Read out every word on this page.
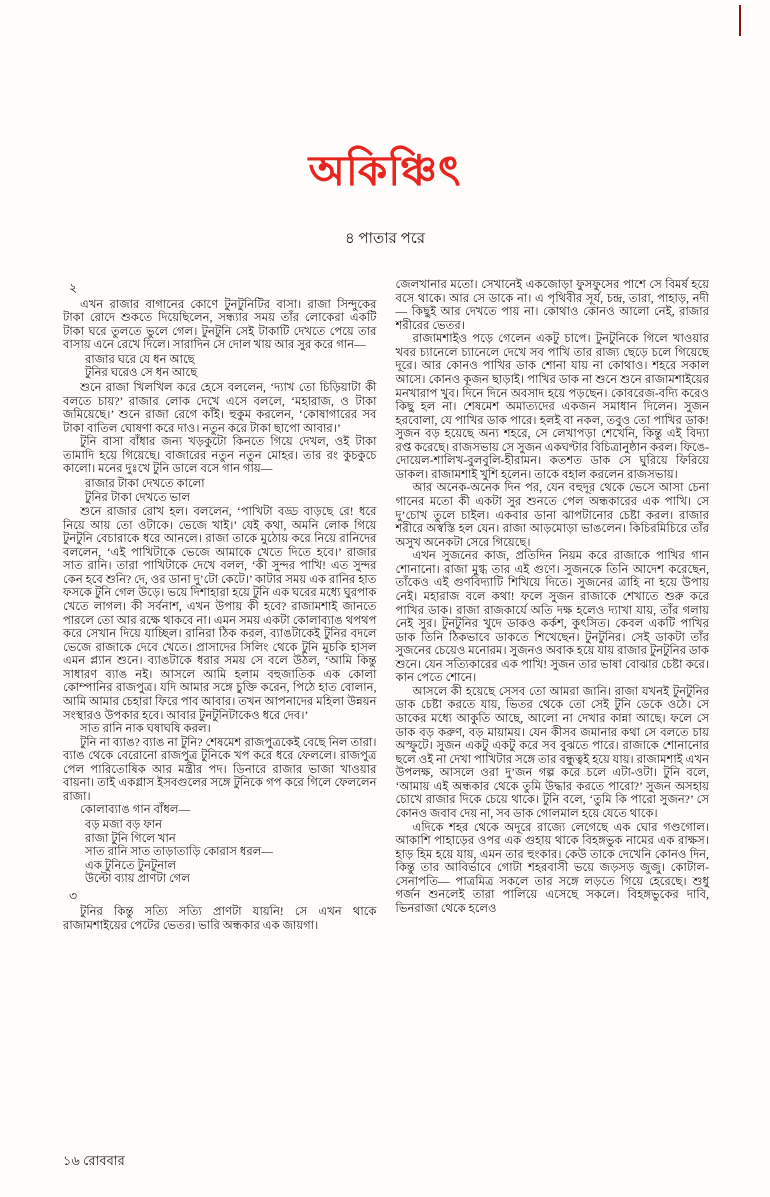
অকিঞ্চিৎ
৪ পাতার পরে
২

এখন রাজার বাগানের কোণে টুনটুনিটির বাসা। রাজা সিন্দুকের টাকা রোদে শুকতে দিয়েছিলেন, সন্ধ্যার সময় তাঁর লোকেরা একটি টাকা ঘরে তুলতে ভুলে গেল। টুনটুনি সেই টাকাটি দেখতে পেয়ে তার বাসায় এনে রেখে দিলে। সারাদিন সে দোল খায় আর সুর করে গান—

রাজার ঘরে যে ধন আছে
টুনির ঘরেও সে ধন আছে

শুনে রাজা খিলখিল করে হেসে বললেন, ‘দ্যাখ তো চিড়িয়াটা কী বলতে চায়?’ রাজার লোক দেখে এসে বললে, ‘মহারাজ, ও টাকা জমিয়েছে।’ শুনে রাজা রেগে কাঁই। হুকুম করলেন, ‘কোষাগারের সব টাকা বাতিল ঘোষণা করে দাও। নতুন করে টাকা ছাপো আবার।’

টুনি বাসা বাঁধার জন্য খড়কুটো কিনতে গিয়ে দেখল, ওই টাকা তামাদি হয়ে গিয়েছে। বাজারের নতুন নতুন মোহর। তার রং কুচকুচে কালো। মনের দুঃখে টুনি ডালে বসে গান গায়—

রাজার টাকা দেখতে কালো
টুনির টাকা দেখতে ভাল

শুনে রাজার রোখ হল। বললেন, ‘পাখিটা বড্ড বাড়ছে রে! ধরে নিয়ে আয় তো ওটাকে। ভেজে খাই।’ যেই কথা, অমনি লোক গিয়ে টুনটুনি বেচারাকে ধরে আনলে। রাজা তাকে মুঠোয় করে নিয়ে রানিদের বললেন, ‘এই পাখিটাকে ভেজে আমাকে খেতে দিতে হবে।’ রাজার সাত রানি। তারা পাখিটাকে দেখে বলল, ‘কী সুন্দর পাখি! এত সুন্দর কেন হবে শুনি? দে, ওর ডানা দু’টো কেটে।’ কাটার সময় এক রানির হাত ফসকে টুনি গেল উড়ে। ভয়ে দিশাহারা হয়ে টুনি এক ঘরের মধ্যে ঘুরপাক খেতে লাগল। কী সর্বনাশ, এখন উপায় কী হবে? রাজামশাই জানতে পারলে তো আর রক্ষে থাকবে না। এমন সময় একটা কোলাব্যাঙ থপথপ করে সেখান দিয়ে যাচ্ছিল। রানিরা ঠিক করল, ব্যাঙটাকেই টুনির বদলে ভেজে রাজাকে দেবে খেতে। প্রাসাদের সিলিং থেকে টুনি মুচকি হাসল এমন প্ল্যান শুনে। ব্যাঙটাকে ধরার সময় সে বলে উঠল, ‘আমি কিন্তু সাধারণ ব্যাঙ নই। আসলে আমি হলাম বহুজাতিক এক কোলা কোম্পানির রাজপুত্র। যদি আমার সঙ্গে চুক্তি করেন, পিঠে হাত বোলান, আমি আমার চেহারা ফিরে পাব আবার। তখন আপনাদের মহিলা উন্নয়ন সংস্থারও উপকার হবে। আবার টুনটুনিটাকেও ধরে দেব।’

সাত রানি নাক ঘষাঘষি করল।

টুনি না ব্যাঙ? ব্যাঙ না টুনি? শেষমেশ রাজপুত্রকেই বেছে নিল তারা। ব্যাঙ থেকে বেরোনো রাজপুত্র টুনিকে খপ করে ধরে ফেললে। রাজপুত্র পেল পারিতোষিক আর মন্ত্রীর পদ। ডিনারে রাজার ভাজা খাওয়ার বায়না। তাই একগ্লাস ইসবগুলের সঙ্গে টুনিকে গপ করে গিলে ফেললেন রাজা।

কোলাব্যাঙ গান বাঁধল—

বড় মজা বড় ফান
রাজা টুনি গিলে খান
সাত রানি সাত তাড়াতাড়ি কোরাস ধরল—
এক টুনিতে টুনটুনাল
উল্টো ব্যায় প্রাণটা গেল
৩

টুনির কিন্তু সত্যি সত্যি প্রাণটা যায়নি! সে এখন থাকে রাজামশাইয়ের পেটের ভেতর। ভারি অন্ধকার এক জায়গা।

জেলখানার মতো। সেখানেই একজোড়া ফুসফুসের পাশে সে বিমর্ষ হয়ে বসে থাকে। আর সে ডাকে না। এ পৃথিবীর সূর্য, চন্দ্র, তারা, পাহাড়, নদী— কিছুই আর দেখতে পায় না। কোথাও কোনও আলো নেই, রাজার শরীরের ভেতর।

রাজামশাইও পড়ে গেলেন একটু চাপে। টুনটুনিকে গিলে খাওয়ার খবর চ্যানেলে চ্যানেলে দেখে সব পাখি তার রাজ্য ছেড়ে চলে গিয়েছে দূরে। আর কোনও পাখির ডাক শোনা যায় না কোথাও। শহরে সকাল আসে। কোনও কূজন ছাড়াই। পাখির ডাক না শুনে শুনে রাজামশাইয়ের মনখারাপ খুব। দিনে দিনে অবসাদ হয়ে পড়ছেন। কোবরেজ-বদ্যি করেও কিছু হল না। শেষমেশ অমাত্যদের একজন সমাধান দিলেন। সুজন হরবোলা, যে পাখির ডাক পারে। হলই বা নকল, তবুও তো পাখির ডাক! সুজন বড় হয়েছে অন্য শহরে, সে লেখাপড়া শেখেনি, কিন্তু এই বিদ্যা রপ্ত করেছে। রাজসভায় সে সুজন একঘণ্টার বিচিত্রানুষ্ঠান করল। ফিঙে-দোয়েল-শালিখ-বুলবুলি-হীরামন। কতশত ডাক সে ঘুরিয়ে ফিরিয়ে ডাকল। রাজামশাই খুশি হলেন। তাকে বহাল করলেন রাজসভায়।

আর অনেক-অনেক দিন পর, যেন বহুদূর থেকে ভেসে আসা চেনা গানের মতো কী একটা সুর শুনতে পেল অন্ধকারের এক পাখি। সে দু’চোখ তুলে চাইল। একবার ডানা ঝাপটানোর চেষ্টা করল। রাজার শরীরে অস্বস্তি হল যেন। রাজা আড়মোড়া ভাঙলেন। কিচিরমিচিরে তাঁর অসুখ অনেকটা সেরে গিয়েছে।

এখন সুজনের কাজ, প্রতিদিন নিয়ম করে রাজাকে পাখির গান শোনানো। রাজা মুগ্ধ তার এই গুণে। সুজনকে তিনি আদেশ করেছেন, তাঁকেও এই গুণবিদ্যাটি শিখিয়ে দিতে। সুজনের ত্রাহি না হয়ে উপায় নেই। মহারাজ বলে কথা! ফলে সুজন রাজাকে শেখাতে শুরু করে পাখির ডাক। রাজা রাজকার্যে অতি দক্ষ হলেও দ্যাখা যায়, তাঁর গলায় নেই সুর। টুনটুনির খুদে ডাকও কর্কশ, কুৎসিত। কেবল একটি পাখির ডাক তিনি ঠিকভাবে ডাকতে শিখেছেন। টুনটুনির। সেই ডাকটা তাঁর সুজনের চেয়েও মনোরম। সুজনও অবাক হয়ে যায় রাজার টুনটুনির ডাক শুনে। যেন সত্যিকারের এক পাখি! সুজন তার ভাষা বোঝার চেষ্টা করে। কান পেতে শোনে।

আসলে কী হয়েছে সেসব তো আমরা জানি। রাজা যখনই টুনটুনির ডাক চেষ্টা করতে যায়, ভিতর থেকে তো সেই টুনি ডেকে ওঠে। সে ডাকের মধ্যে আকুতি আছে, আলো না দেখার কান্না আছে। ফলে সে ডাক বড় করুণ, বড় মায়াময়। যেন কীসব জমানার কথা সে বলতে চায় অস্ফুটে। সুজন একটু একটু করে সব বুঝতে পারে। রাজাকে শোনানোর ছলে ওই না দেখা পাখিটার সঙ্গে তার বন্ধুত্বই হয়ে যায়। রাজামশাই এখন উপলক্ষ, আসলে ওরা দু’জন গল্প করে চলে এটা-ওটা। টুনি বলে, ‘আমায় এই অন্ধকার থেকে তুমি উদ্ধার করতে পারো?’ সুজন অসহায় চোখে রাজার দিকে চেয়ে থাকে। টুনি বলে, ‘তুমি কি পারো সুজন?’ সে কোনও জবাব দেয় না, সব ডাক গোলমাল হয়ে যেতে থাকে।

এদিকে শহর থেকে অদূরে রাজ্যে লেগেছে এক ঘোর গণ্ডগোল। আকাশি পাহাড়ের ওপর এক গুহায় থাকে বিহঙ্গভুক নামের এক রাক্ষস। হাড় হিম হয়ে যায়, এমন তার হুংকার। কেউ তাকে দেখেনি কোনও দিন, কিন্তু তার আবির্ভাবে গোটা শহরবাসী ভয়ে জড়সড় জুজু। কোটাল-সেনাপতি— পাত্রমিত্র সকলে তার সঙ্গে লড়তে গিয়ে হেরেছে। শুধু গর্জন শুনলেই তারা পালিয়ে এসেছে সকলে। বিহঙ্গভুকের দাবি, ভিনরাজা থেকে হলেও

১৬ রোববার
